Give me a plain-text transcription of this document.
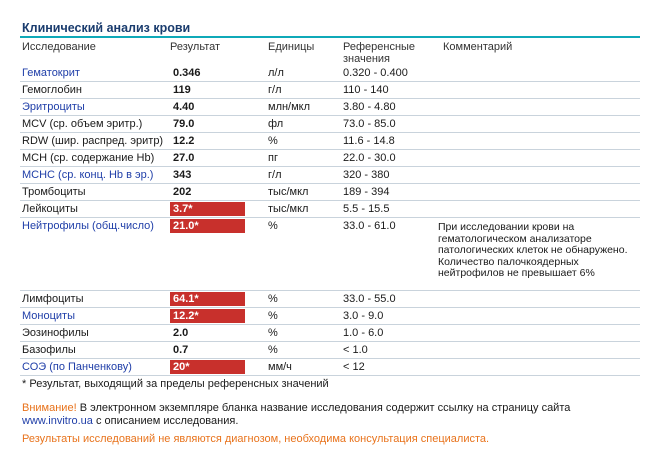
Клинический анализ крови
Исследование	Результат	Единицы	Референсные
значения
Комментарий
Гематокрит	0.346	л/л	0.320 - 0.400
Гемоглобин	119	г/л	110 - 140
Эритроциты	4.40	млн/мкл	3.80 - 4.80
MCV (ср. объем эритр.)	79.0	фл	73.0 - 85.0
RDW (шир. распред. эритр) 12.2	%	11.6 - 14.8
MCH (ср. содержание Hb) 27.0	пг	22.0 - 30.0
МСНС (ср. конц. Hb в эр.) 343	г/л	320 - 380
Тромбоциты	202	тыс/мкл	189 - 394
Лейкоциты	3.7*	тыс/мкл	5.5 - 15.5
Нейтрофилы (общ.число) 21.0*	%	33.0 - 61.0	При исследовании крови на гематологическом анализаторе патологических клеток не обнаружено. Количество палочкоядерных нейтрофилов не превышает 6%
Лимфоциты	64.1*	%	33.0 - 55.0
Моноциты	12.2*	%	3.0 - 9.0
Эозинофилы	2.0	%	1.0 - 6.0
Базофилы	0.7	%	< 1.0
СОЭ (по Панченкову)	20*	мм/ч	< 12
* Результат, выходящий за пределы референсных значений
Внимание! В электронном экземпляре бланка название исследования содержит ссылку на страницу сайта
www.invitro.ua с описанием исследования.
Результаты исследований не являются диагнозом, необходима консультация специалиста.
